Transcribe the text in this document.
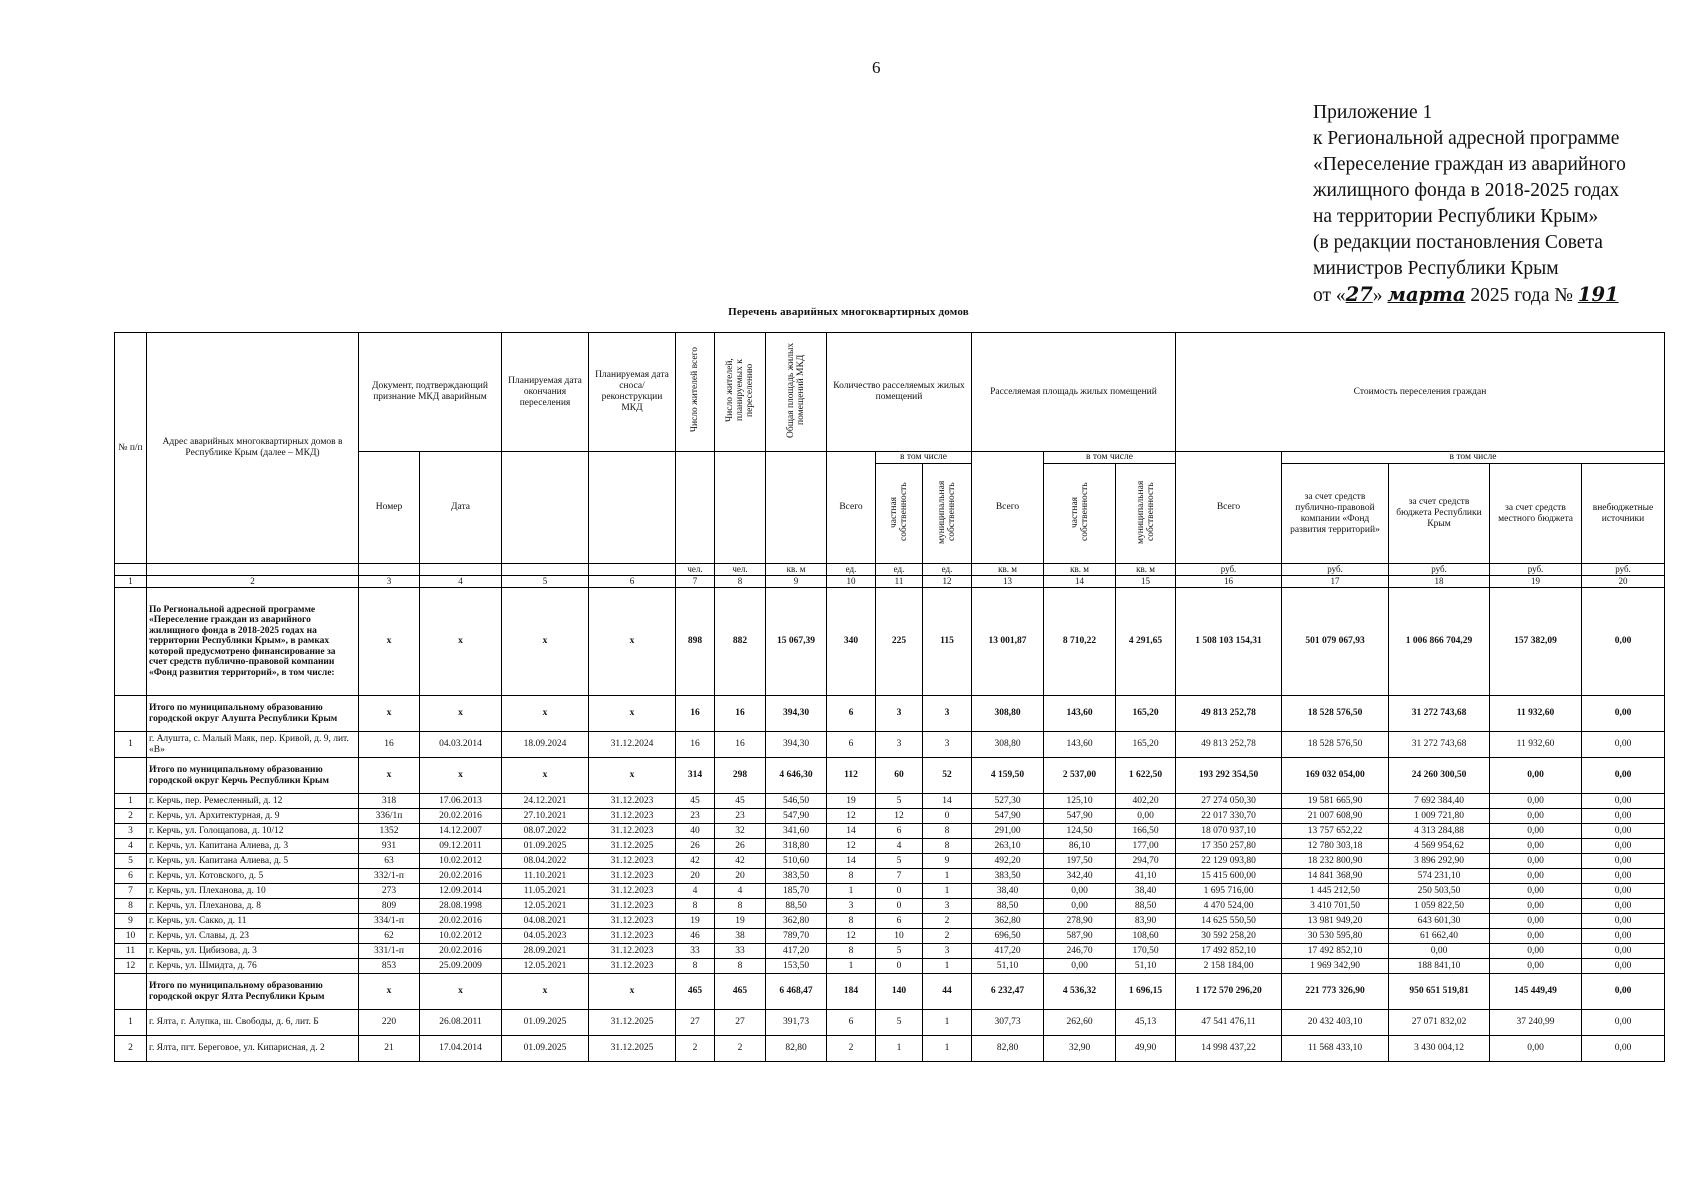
6
Приложение 1
к Региональной адресной программе
«Переселение граждан из аварийного
жилищного фонда в 2018-2025 годах
на территории Республики Крым»
(в редакции постановления Совета
министров Республики Крым
от «27» марта 2025 года № 191
Перечень аварийных многоквартирных домов
№ п/п	Адрес аварийных многоквартирных домов в Республике Крым (далее – МКД)	Документ, подтверждающий признание МКД аварийным		Планируемая дата окончания переселения	Планируемая дата сноса/ реконструкции МКД	Число жителей всего	Число жителей, планируемых к переселению	Общая площадь жилых помещений МКД	Количество расселяемых жилых помещений			Расселяемая площадь жилых помещений			Стоимость переселения граждан				

		Номер	Дата						Всего	в том числе		Всего	в том числе		Всего	в том числе			
										частная собственность	муниципальная собственность		частная собственность	муниципальная собственность		за счет средств публично-правовой компании «Фонд развития территорий»	за счет средств бюджета Республики Крым	за счет средств местного бюджета	внебюджетные источники
						чел.	чел.	кв. м	ед.	ед.	ед.	кв. м	кв. м	кв. м	руб.	руб.	руб.	руб.	руб.
1	2	3	4	5	6	7	8	9	10	11	12	13	14	15	16	17	18	19	20
	По Региональной адресной программе «Переселение граждан из аварийного жилищного фонда в 2018-2025 годах на территории Республики Крым», в рамках которой предусмотрено финансирование за счет средств публично-правовой компании «Фонд развития территорий», в том числе:	х	х	х	х	898	882	15 067,39	340	225	115	13 001,87	8 710,22	4 291,65	1 508 103 154,31	501 079 067,93	1 006 866 704,29	157 382,09	0,00
	Итого по муниципальному образованию городской округ Алушта Республики Крым	х	х	х	х	16	16	394,30	6	3	3	308,80	143,60	165,20	49 813 252,78	18 528 576,50	31 272 743,68	11 932,60	0,00
1	г. Алушта, с. Малый Маяк, пер. Кривой, д. 9, лит. «В»	16	04.03.2014	18.09.2024	31.12.2024	16	16	394,30	6	3	3	308,80	143,60	165,20	49 813 252,78	18 528 576,50	31 272 743,68	11 932,60	0,00
	Итого по муниципальному образованию городской округ Керчь Республики Крым	х	х	х	х	314	298	4 646,30	112	60	52	4 159,50	2 537,00	1 622,50	193 292 354,50	169 032 054,00	24 260 300,50	0,00	0,00
1	г. Керчь, пер. Ремесленный, д. 12	318	17.06.2013	24.12.2021	31.12.2023	45	45	546,50	19	5	14	527,30	125,10	402,20	27 274 050,30	19 581 665,90	7 692 384,40	0,00	0,00
2	г. Керчь, ул. Архитектурная, д. 9	336/1п	20.02.2016	27.10.2021	31.12.2023	23	23	547,90	12	12	0	547,90	547,90	0,00	22 017 330,70	21 007 608,90	1 009 721,80	0,00	0,00
3	г. Керчь, ул. Голощапова, д. 10/12	1352	14.12.2007	08.07.2022	31.12.2023	40	32	341,60	14	6	8	291,00	124,50	166,50	18 070 937,10	13 757 652,22	4 313 284,88	0,00	0,00
4	г. Керчь, ул. Капитана Алиева, д. 3	931	09.12.2011	01.09.2025	31.12.2025	26	26	318,80	12	4	8	263,10	86,10	177,00	17 350 257,80	12 780 303,18	4 569 954,62	0,00	0,00
5	г. Керчь, ул. Капитана Алиева, д. 5	63	10.02.2012	08.04.2022	31.12.2023	42	42	510,60	14	5	9	492,20	197,50	294,70	22 129 093,80	18 232 800,90	3 896 292,90	0,00	0,00
6	г. Керчь, ул. Котовского, д. 5	332/1-п	20.02.2016	11.10.2021	31.12.2023	20	20	383,50	8	7	1	383,50	342,40	41,10	15 415 600,00	14 841 368,90	574 231,10	0,00	0,00
7	г. Керчь, ул. Плеханова, д. 10	273	12.09.2014	11.05.2021	31.12.2023	4	4	185,70	1	0	1	38,40	0,00	38,40	1 695 716,00	1 445 212,50	250 503,50	0,00	0,00
8	г. Керчь, ул. Плеханова, д. 8	809	28.08.1998	12.05.2021	31.12.2023	8	8	88,50	3	0	3	88,50	0,00	88,50	4 470 524,00	3 410 701,50	1 059 822,50	0,00	0,00
9	г. Керчь, ул. Сакко, д. 11	334/1-п	20.02.2016	04.08.2021	31.12.2023	19	19	362,80	8	6	2	362,80	278,90	83,90	14 625 550,50	13 981 949,20	643 601,30	0,00	0,00
10	г. Керчь, ул. Славы, д. 23	62	10.02.2012	04.05.2023	31.12.2023	46	38	789,70	12	10	2	696,50	587,90	108,60	30 592 258,20	30 530 595,80	61 662,40	0,00	0,00
11	г. Керчь, ул. Цибизова, д. 3	331/1-п	20.02.2016	28.09.2021	31.12.2023	33	33	417,20	8	5	3	417,20	246,70	170,50	17 492 852,10	17 492 852,10	0,00	0,00	0,00
12	г. Керчь, ул. Шмидта, д. 76	853	25.09.2009	12.05.2021	31.12.2023	8	8	153,50	1	0	1	51,10	0,00	51,10	2 158 184,00	1 969 342,90	188 841,10	0,00	0,00
	Итого по муниципальному образованию городской округ Ялта Республики Крым	х	х	х	х	465	465	6 468,47	184	140	44	6 232,47	4 536,32	1 696,15	1 172 570 296,20	221 773 326,90	950 651 519,81	145 449,49	0,00
1	г. Ялта, г. Алупка, ш. Свободы, д. 6, лит. Б	220	26.08.2011	01.09.2025	31.12.2025	27	27	391,73	6	5	1	307,73	262,60	45,13	47 541 476,11	20 432 403,10	27 071 832,02	37 240,99	0,00
2	г. Ялта, пгт. Береговое, ул. Кипарисная, д. 2	21	17.04.2014	01.09.2025	31.12.2025	2	2	82,80	2	1	1	82,80	32,90	49,90	14 998 437,22	11 568 433,10	3 430 004,12	0,00	0,00
